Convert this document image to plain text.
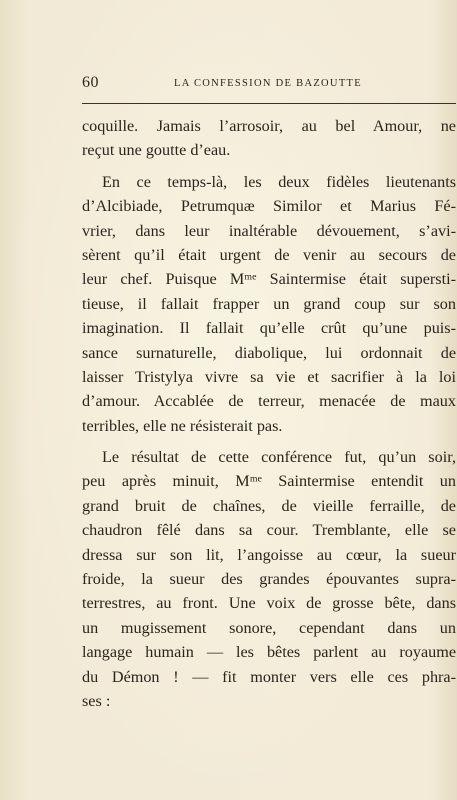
60	LA CONFESSION DE BAZOUTTE
coquille. Jamais l’arrosoir, au bel Amour, ne
reçut une goutte d’eau.
En ce temps-là, les deux fidèles lieutenants
d’Alcibiade, Petrumquæ Similor et Marius Fé-
vrier, dans leur inaltérable dévouement, s’avi-
sèrent qu’il était urgent de venir au secours de
leur chef. Puisque Mᵐᵉ Saintermise était supersti-
tieuse, il fallait frapper un grand coup sur son
imagination. Il fallait qu’elle crût qu’une puis-
sance surnaturelle, diabolique, lui ordonnait de
laisser Tristylya vivre sa vie et sacrifier à la loi
d’amour. Accablée de terreur, menacée de maux
terribles, elle ne résisterait pas.
Le résultat de cette conférence fut, qu’un soir,
peu après minuit, Mᵐᵉ Saintermise entendit un
grand bruit de chaînes, de vieille ferraille, de
chaudron fêlé dans sa cour. Tremblante, elle se
dressa sur son lit, l’angoisse au cœur, la sueur
froide, la sueur des grandes épouvantes supra-
terrestres, au front. Une voix de grosse bête, dans
un mugissement sonore, cependant dans un
langage humain — les bêtes parlent au royaume
du Démon ! — fit monter vers elle ces phra-
ses :
